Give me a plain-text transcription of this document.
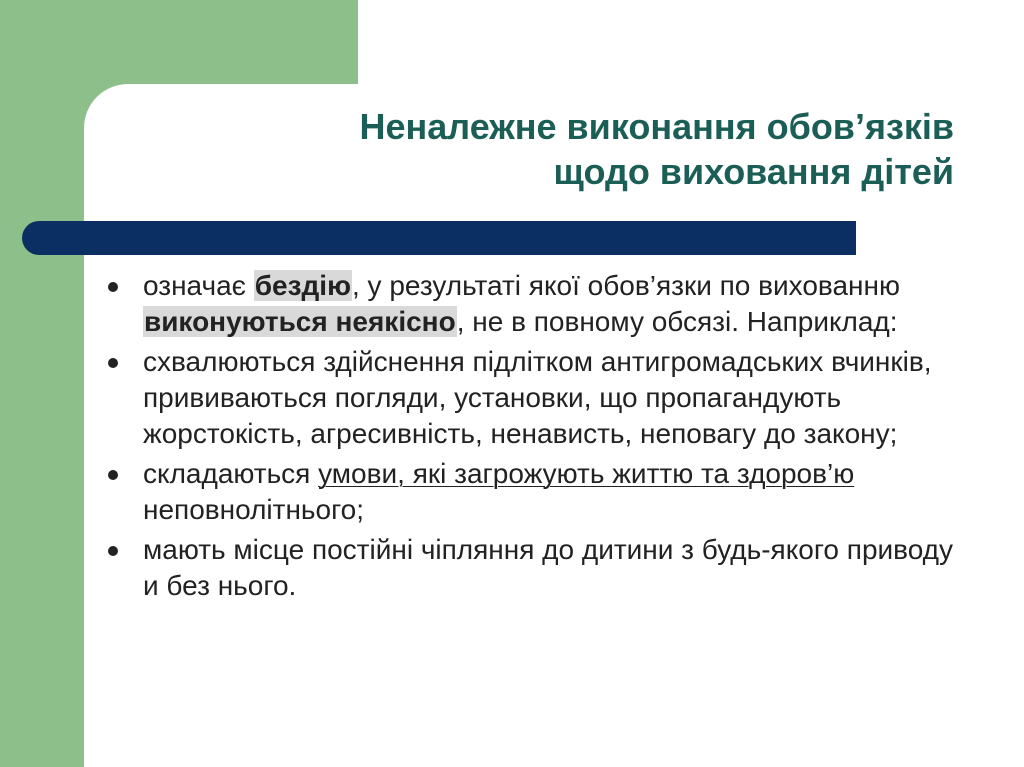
Неналежне виконання обов’язків
щодо виховання дітей
означає бездію, у результаті якої обов’язки по вихованню виконуються неякісно, не в повному обсязі. Наприклад:
схвалюються здійснення підлітком антигромадських вчинків, прививаються погляди, установки, що пропагандують жорстокість, агресивність, ненависть, неповагу до закону;
складаються умови, які загрожують життю та здоров’ю неповнолітнього;
мають місце постійні чіпляння до дитини з будь-якого приводу и без нього.
